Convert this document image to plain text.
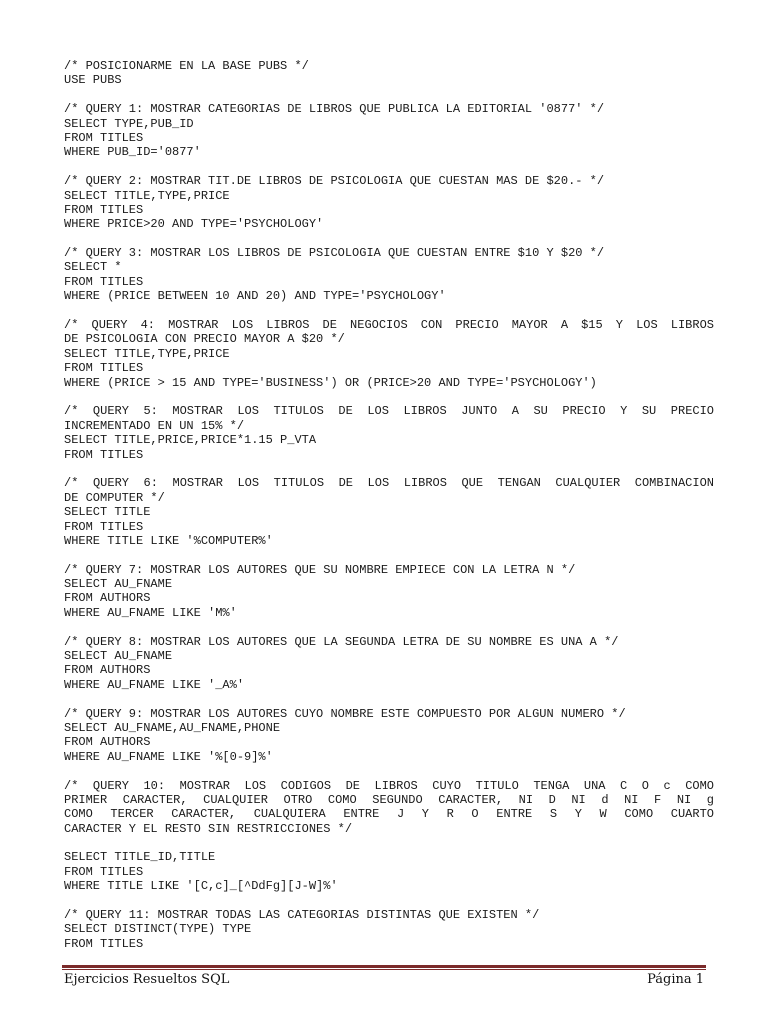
/* POSICIONARME EN LA BASE PUBS */
USE PUBS
/* QUERY 1: MOSTRAR CATEGORIAS DE LIBROS QUE PUBLICA LA EDITORIAL '0877' */
SELECT TYPE,PUB_ID
FROM TITLES
WHERE PUB_ID='0877'
/* QUERY 2: MOSTRAR TIT.DE LIBROS DE PSICOLOGIA QUE CUESTAN MAS DE $20.- */
SELECT TITLE,TYPE,PRICE
FROM TITLES
WHERE PRICE>20 AND TYPE='PSYCHOLOGY'
/* QUERY 3: MOSTRAR LOS LIBROS DE PSICOLOGIA QUE CUESTAN ENTRE $10 Y $20 */
SELECT *
FROM TITLES
WHERE (PRICE BETWEEN 10 AND 20) AND TYPE='PSYCHOLOGY'
/* QUERY 4: MOSTRAR LOS LIBROS DE NEGOCIOS CON PRECIO MAYOR A $15 Y LOS LIBROS
DE PSICOLOGIA CON PRECIO MAYOR A $20 */
SELECT TITLE,TYPE,PRICE
FROM TITLES
WHERE (PRICE > 15 AND TYPE='BUSINESS') OR (PRICE>20 AND TYPE='PSYCHOLOGY')
/* QUERY 5: MOSTRAR LOS TITULOS DE LOS LIBROS JUNTO A SU PRECIO Y SU PRECIO
INCREMENTADO EN UN 15% */
SELECT TITLE,PRICE,PRICE*1.15 P_VTA
FROM TITLES
/* QUERY 6: MOSTRAR LOS TITULOS DE LOS LIBROS QUE TENGAN CUALQUIER COMBINACION
DE COMPUTER */
SELECT TITLE
FROM TITLES
WHERE TITLE LIKE '%COMPUTER%'
/* QUERY 7: MOSTRAR LOS AUTORES QUE SU NOMBRE EMPIECE CON LA LETRA N */
SELECT AU_FNAME
FROM AUTHORS
WHERE AU_FNAME LIKE 'M%'
/* QUERY 8: MOSTRAR LOS AUTORES QUE LA SEGUNDA LETRA DE SU NOMBRE ES UNA A */
SELECT AU_FNAME
FROM AUTHORS
WHERE AU_FNAME LIKE '_A%'
/* QUERY 9: MOSTRAR LOS AUTORES CUYO NOMBRE ESTE COMPUESTO POR ALGUN NUMERO */
SELECT AU_FNAME,AU_FNAME,PHONE
FROM AUTHORS
WHERE AU_FNAME LIKE '%[0-9]%'
/* QUERY 10: MOSTRAR LOS CODIGOS DE LIBROS CUYO TITULO TENGA UNA C O c COMO
PRIMER CARACTER, CUALQUIER OTRO COMO SEGUNDO CARACTER, NI D NI d NI F NI g
COMO TERCER CARACTER, CUALQUIERA ENTRE J Y R O ENTRE S Y W COMO CUARTO
CARACTER Y EL RESTO SIN RESTRICCIONES */
SELECT TITLE_ID,TITLE
FROM TITLES
WHERE TITLE LIKE '[C,c]_[^DdFg][J-W]%'
/* QUERY 11: MOSTRAR TODAS LAS CATEGORIAS DISTINTAS QUE EXISTEN */
SELECT DISTINCT(TYPE) TYPE
FROM TITLES
Ejercicios Resueltos SQL	Página 1
